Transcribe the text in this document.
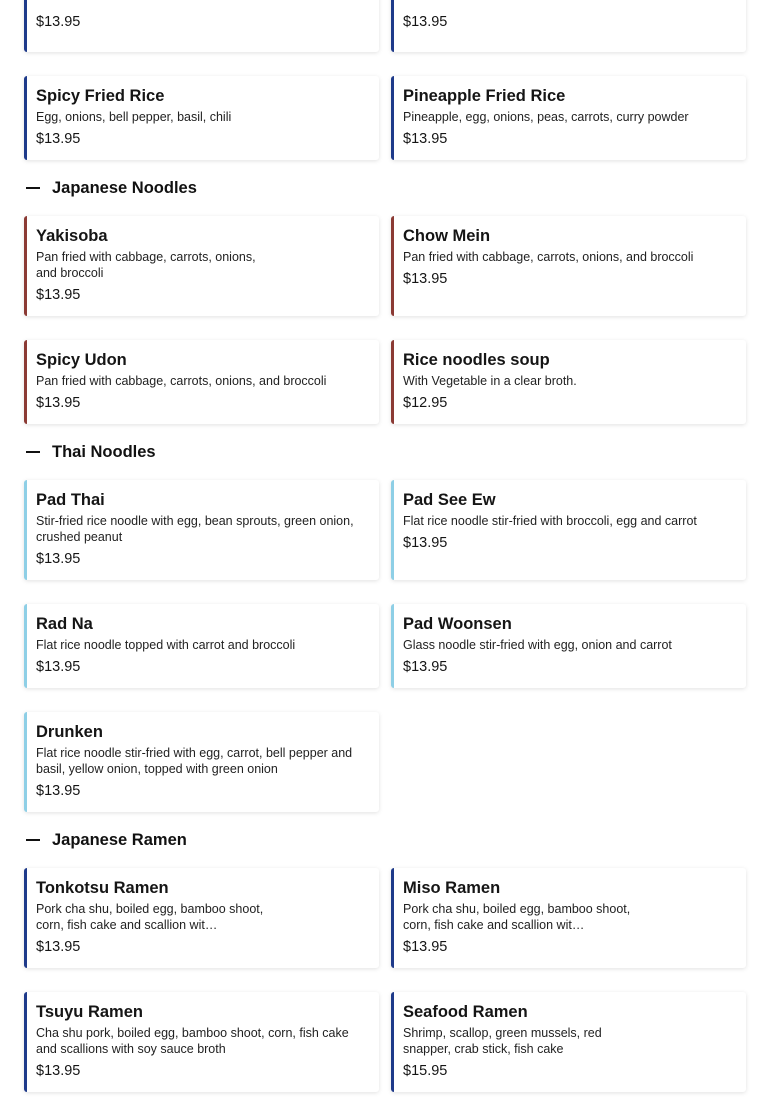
$13.95	$13.95
Spicy Fried Rice
Egg, onions, bell pepper, basil, chili
$13.95
Pineapple Fried Rice
Pineapple, egg, onions, peas, carrots, curry powder
$13.95
Japanese Noodles
Yakisoba
Pan fried with cabbage, carrots, onions, and broccoli
$13.95
Chow Mein
Pan fried with cabbage, carrots, onions, and broccoli
$13.95
Spicy Udon
Pan fried with cabbage, carrots, onions, and broccoli
$13.95
Rice noodles soup
With Vegetable in a clear broth.
$12.95
Thai Noodles
Pad Thai
Stir-fried rice noodle with egg, bean sprouts, green onion, crushed peanut
$13.95
Pad See Ew
Flat rice noodle stir-fried with broccoli, egg and carrot
$13.95
Rad Na
Flat rice noodle topped with carrot and broccoli
$13.95
Pad Woonsen
Glass noodle stir-fried with egg, onion and carrot
$13.95
Drunken
Flat rice noodle stir-fried with egg, carrot, bell pepper and basil, yellow onion, topped with green onion
$13.95
Japanese Ramen
Tonkotsu Ramen
Pork cha shu, boiled egg, bamboo shoot, corn, fish cake and scallion wit…
$13.95
Miso Ramen
Pork cha shu, boiled egg, bamboo shoot, corn, fish cake and scallion wit…
$13.95
Tsuyu Ramen
Cha shu pork, boiled egg, bamboo shoot, corn, fish cake and scallions with soy sauce broth
$13.95
Seafood Ramen
Shrimp, scallop, green mussels, red snapper, crab stick, fish cake
$15.95
